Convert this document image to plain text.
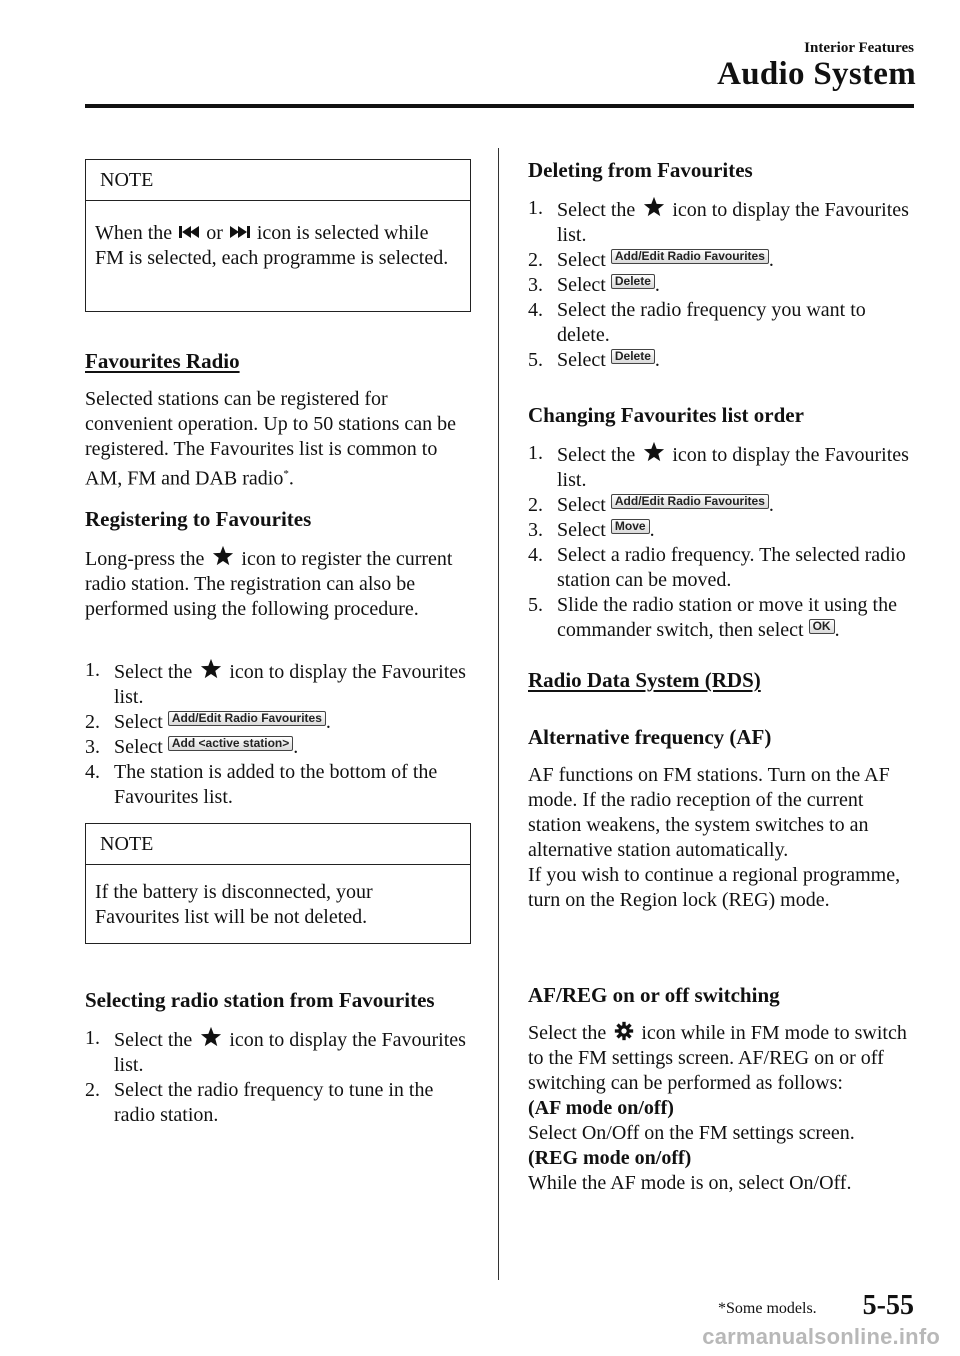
Interior Features
Audio System
NOTE
When the or icon is selected while FM is selected, each programme is selected.
Favourites Radio
Selected stations can be registered for convenient operation. Up to 50 stations can be registered. The Favourites list is common to AM, FM and DAB radio*.
Registering to Favourites
Long-press the icon to register the current radio station. The registration can also be performed using the following procedure.
1. Select the icon to display the Favourites list.
2. Select Add/Edit Radio Favourites .
3. Select Add <active station> .
4. The station is added to the bottom of the Favourites list.
NOTE
If the battery is disconnected, your Favourites list will be not deleted.
Selecting radio station from Favourites
1. Select the icon to display the Favourites list.
2. Select the radio frequency to tune in the radio station.
Deleting from Favourites
1. Select the icon to display the Favourites list.
2. Select Add/Edit Radio Favourites .
3. Select Delete .
4. Select the radio frequency you want to delete.
5. Select Delete .
Changing Favourites list order
1. Select the icon to display the Favourites list.
2. Select Add/Edit Radio Favourites .
3. Select Move .
4. Select a radio frequency. The selected radio station can be moved.
5. Slide the radio station or move it using the commander switch, then select OK .
Radio Data System (RDS)
Alternative frequency (AF)
AF functions on FM stations. Turn on the AF mode. If the radio reception of the current station weakens, the system switches to an alternative station automatically.
If you wish to continue a regional programme, turn on the Region lock (REG) mode.
AF/REG on or off switching
Select the icon while in FM mode to switch to the FM settings screen. AF/REG on or off switching can be performed as follows:
(AF mode on/off)
Select On/Off on the FM settings screen.
(REG mode on/off)
While the AF mode is on, select On/Off.
*Some models. 5-55
carmanualsonline.info
